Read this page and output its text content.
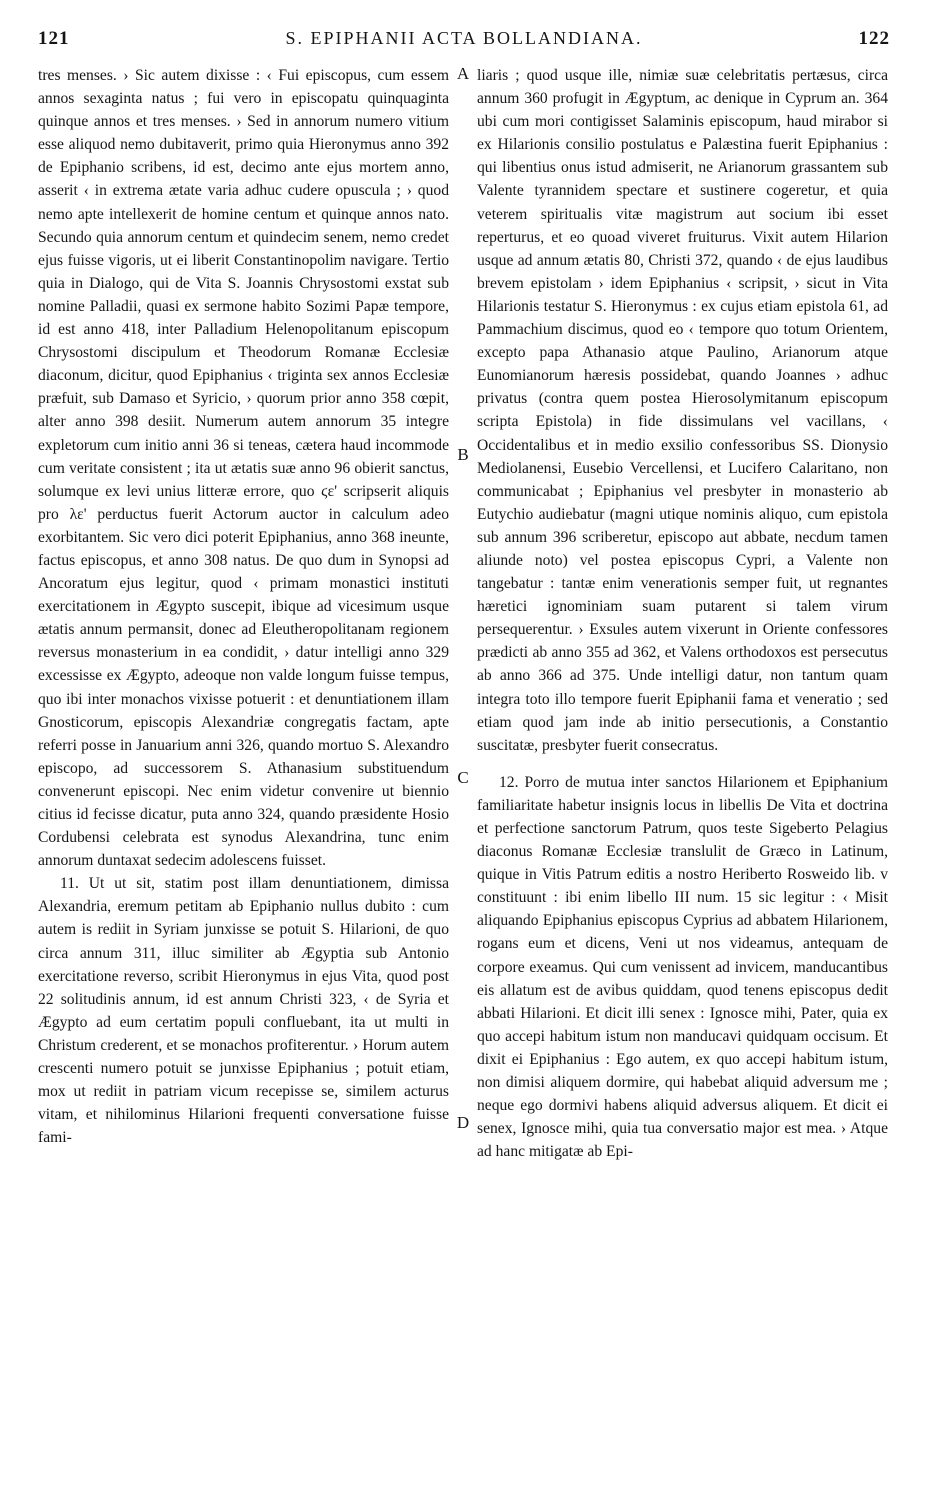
121	S. EPIPHANII ACTA BOLLANDIANA.	122

tres menses. › Sic autem dixisse : ‹ Fui episcopus, cum essem annos sexaginta natus ; fui vero in episcopatu quinquaginta quinque annos et tres menses. › Sed in annorum numero vitium esse aliquod nemo dubitaverit, primo quia Hieronymus anno 392 de Epiphanio scribens, id est, decimo ante ejus mortem anno, asserit ‹ in extrema ætate varia adhuc cudere opuscula ; › quod nemo apte intellexerit de homine centum et quinque annos nato. Secundo quia annorum centum et quindecim senem, nemo credet ejus fuisse vigoris, ut ei liberit Constantinopolim navigare. Tertio quia in Dialogo, qui de Vita S. Joannis Chrysostomi exstat sub nomine Palladii, quasi ex sermone habito Sozimi Papæ tempore, id est anno 418, inter Palladium Helenopolitanum episcopum Chrysostomi discipulum et Theodorum Romanæ Ecclesiæ diaconum, dicitur, quod Epiphanius ‹ triginta sex annos Ecclesiæ præfuit, sub Damaso et Syricio, › quorum prior anno 358 cœpit, alter anno 398 desiit. Numerum autem annorum 35 integre expletorum cum initio anni 36 si teneas, cætera haud incommode cum veritate consistent ; ita ut ætatis suæ anno 96 obierit sanctus, solumque ex levi unius litteræ errore, quo ϛε' scripserit aliquis pro λε' perductus fuerit Actorum auctor in calculum adeo exorbitantem. Sic vero dici poterit Epiphanius, anno 368 ineunte, factus episcopus, et anno 308 natus. De quo dum in Synopsi ad Ancoratum ejus legitur, quod ‹ primam monastici instituti exercitationem in Ægypto suscepit, ibique ad vicesimum usque ætatis annum permansit, donec ad Eleutheropolitanam regionem reversus monasterium in ea condidit, › datur intelligi anno 329 excessisse ex Ægypto, adeoque non valde longum fuisse tempus, quo ibi inter monachos vixisse potuerit : et denuntiationem illam Gnosticorum, episcopis Alexandriæ congregatis factam, apte referri posse in Januarium anni 326, quando mortuo S. Alexandro episcopo, ad successorem S. Athanasium substituendum convenerunt episcopi. Nec enim videtur convenire ut biennio citius id fecisse dicatur, puta anno 324, quando præsidente Hosio Cordubensi celebrata est synodus Alexandrina, tunc enim annorum duntaxat sedecim adolescens fuisset.

11. Ut ut sit, statim post illam denuntiationem, dimissa Alexandria, eremum petitam ab Epiphanio nullus dubito : cum autem is rediit in Syriam junxisse se potuit S. Hilarioni, de quo circa annum 311, illuc similiter ab Ægyptia sub Antonio exercitatione reverso, scribit Hieronymus in ejus Vita, quod post 22 solitudinis annum, id est annum Christi 323, ‹ de Syria et Ægypto ad eum certatim populi confluebant, ita ut multi in Christum crederent, et se monachos profiterentur. › Horum autem crescenti numero potuit se junxisse Epiphanius ; potuit etiam, mox ut rediit in patriam vicum recepisse se, similem acturus vitam, et nihilominus Hilarioni frequenti conversatione fuisse fami-

liaris ; quod usque ille, nimiæ suæ celebritatis pertæsus, circa annum 360 profugit in Ægyptum, ac denique in Cyprum an. 364 ubi cum mori contigisset Salaminis episcopum, haud mirabor si ex Hilarionis consilio postulatus e Palæstina fuerit Epiphanius : qui libentius onus istud admiserit, ne Arianorum grassantem sub Valente tyrannidem spectare et sustinere cogeretur, et quia veterem spiritualis vitæ magistrum aut socium ibi esset reperturus, et eo quoad viveret fruiturus. Vixit autem Hilarion usque ad annum ætatis 80, Christi 372, quando ‹ de ejus laudibus brevem epistolam › idem Epiphanius ‹ scripsit, › sicut in Vita Hilarionis testatur S. Hieronymus : ex cujus etiam epistola 61, ad Pammachium discimus, quod eo ‹ tempore quo totum Orientem, excepto papa Athanasio atque Paulino, Arianorum atque Eunomianorum hæresis possidebat, quando Joannes › adhuc privatus (contra quem postea Hierosolymitanum episcopum scripta Epistola) in fide dissimulans vel vacillans, ‹ Occidentalibus et in medio exsilio confessoribus SS. Dionysio Mediolanensi, Eusebio Vercellensi, et Lucifero Calaritano, non communicabat ; Epiphanius vel presbyter in monasterio ab Eutychio audiebatur (magni utique nominis aliquo, cum epistola sub annum 396 scriberetur, episcopo aut abbate, necdum tamen aliunde noto) vel postea episcopus Cypri, a Valente non tangebatur : tantæ enim venerationis semper fuit, ut regnantes hæretici ignominiam suam putarent si talem virum persequerentur. › Exsules autem vixerunt in Oriente confessores prædicti ab anno 355 ad 362, et Valens orthodoxos est persecutus ab anno 366 ad 375. Unde intelligi datur, non tantum quam integra toto illo tempore fuerit Epiphanii fama et veneratio ; sed etiam quod jam inde ab initio persecutionis, a Constantio suscitatæ, presbyter fuerit consecratus.

12. Porro de mutua inter sanctos Hilarionem et Epiphanium familiaritate habetur insignis locus in libellis De Vita et doctrina et perfectione sanctorum Patrum, quos teste Sigeberto Pelagius diaconus Romanæ Ecclesiæ translulit de Græco in Latinum, quique in Vitis Patrum editis a nostro Heriberto Rosweido lib. v constituunt : ibi enim libello III num. 15 sic legitur : ‹ Misit aliquando Epiphanius episcopus Cyprius ad abbatem Hilarionem, rogans eum et dicens, Veni ut nos videamus, antequam de corpore exeamus. Qui cum venissent ad invicem, manducantibus eis allatum est de avibus quiddam, quod tenens episcopus dedit abbati Hilarioni. Et dicit illi senex : Ignosce mihi, Pater, quia ex quo accepi habitum istum non manducavi quidquam occisum. Et dixit ei Epiphanius : Ego autem, ex quo accepi habitum istum, non dimisi aliquem dormire, qui habebat aliquid adversum me ; neque ego dormivi habens aliquid adversus aliquem. Et dicit ei senex, Ignosce mihi, quia tua conversatio major est mea. › Atque ad hanc mitigatæ ab Epi-

A
B
C
D
